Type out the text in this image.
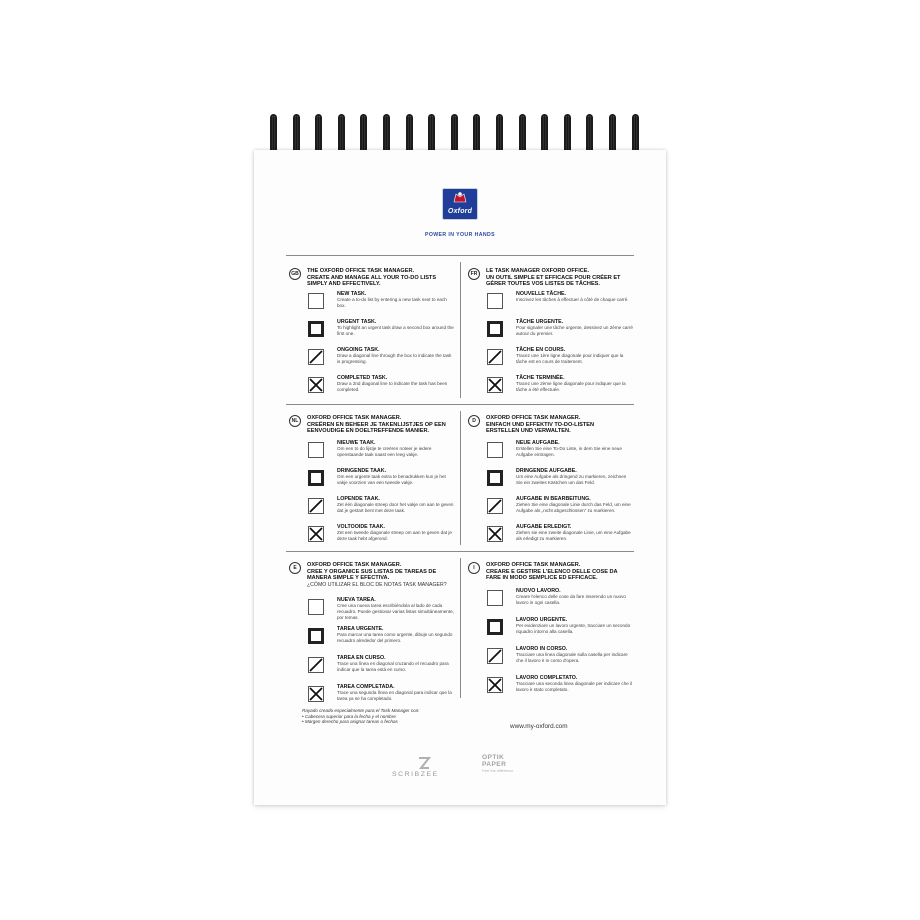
Oxford
POWER IN YOUR HANDS
GB	THE OXFORD OFFICE TASK MANAGER.
CREATE AND MANAGE ALL YOUR TO-DO LISTS SIMPLY AND EFFECTIVELY.
NEW TASK.
Create a to-do list by entering a new task next to each box.
URGENT TASK.
To highlight an urgent task draw a second box around the first one.
ONGOING TASK.
Draw a diagonal line through the box to indicate the task is progressing.
COMPLETED TASK.
Draw a 2nd diagonal line to indicate the task has been completed.
FR	LE TASK MANAGER OXFORD OFFICE.
UN OUTIL SIMPLE ET EFFICACE POUR CRÉER ET GÉRER TOUTES VOS LISTES DE TÂCHES.
NOUVELLE TÂCHE.
Inscrivez les tâches à effectuer à côté de chaque carré.
TÂCHE URGENTE.
Pour signaler une tâche urgente, dessinez un 2ème carré autour du premier.
TÂCHE EN COURS.
Tracez une 1ère ligne diagonale pour indiquer que la tâche est en cours de traitement.
TÂCHE TERMINÉE.
Tracez une 2ème ligne diagonale pour indiquer que la tâche a été effectuée.
NL	OXFORD OFFICE TASK MANAGER.
CREËREN EN BEHEER JE TAKENLIJSTJES OP EEN EENVOUDIGE EN DOELTREFFENDE MANIER.
NIEUWE TAAK.
Om een to do lijstje te creëren noteer je iedere openstaande taak naast een leeg vakje.
DRINGENDE TAAK.
Om een urgente taak extra te benadrukken kun je het vakje voorzien van een tweede vakje.
LOPENDE TAAK.
Zet één diagonale streep door het vakje om aan te geven dat je gestart bent met deze taak.
VOLTOOIDE TAAK.
Zet een tweede diagonale streep om aan te geven dat je deze taak hebt afgerond.
D	OXFORD OFFICE TASK MANAGER.
EINFACH UND EFFEKTIV TO-DO-LISTEN ERSTELLEN UND VERWALTEN.
NEUE AUFGABE.
Erstellen Sie eine To-Do Liste, in dem Sie eine neue Aufgabe eintragen.
DRINGENDE AUFGABE.
Um eine Aufgabe als dringend zu markieren, zeichnen Sie ein zweites Kästchen um das Feld.
AUFGABE IN BEARBEITUNG.
Ziehen Sie eine diagonale Linie durch das Feld, um eine Aufgabe als „nicht abgeschlossen“ zu markieren.
AUFGABE ERLEDIGT.
Ziehen sie eine zweite diagonale Linie, um eine Aufgabe als erledigt zu markieren.
E	OXFORD OFFICE TASK MANAGER.
CREE Y ORGANICE SUS LISTAS DE TAREAS DE MANERA SIMPLE Y EFECTIVA.
¿CÓMO UTILIZAR EL BLOC DE NOTAS TASK MANAGER?
NUEVA TAREA.
Cree una nueva tarea escribiéndola al lado de cada recuadro. Puede gestionar varias listas simultáneamente, por temas.
TAREA URGENTE.
Para marcar una tarea como urgente, dibuje un segundo recuadro alrededor del primero.
TAREA EN CURSO.
Trace una línea en diagonal cruzando el recuadro para indicar que la tarea está en curso.
TAREA COMPLETADA.
Trace una segunda línea en diagonal para indicar que la tarea ya se ha completado.
I	OXFORD OFFICE TASK MANAGER.
CREARE E GESTIRE L'ELENCO DELLE COSE DA FARE IN MODO SEMPLICE ED EFFICACE.
NUOVO LAVORO.
Creare l'elenco delle cose da fare inserendo un nuovo lavoro in ogni casella.
LAVORO URGENTE.
Per evidenziare un lavoro urgente, tracciare un secondo riquadro intorno alla casella.
LAVORO IN CORSO.
Tracciare una linea diagonale sulla casella per indicare che il lavoro è in corso d'opera.
LAVORO COMPLETATO.
Tracciare una seconda linea diagonale per indicare che il lavoro è stato completato.
Rayado creado especialmente para el Task Manager con:
• Cabecera superior para la fecha y el nombre
• Margen derecho para asignar tareas o fechas
www.my-oxford.com
SCRIBZEE
OPTIK
PAPER
Feel the difference
